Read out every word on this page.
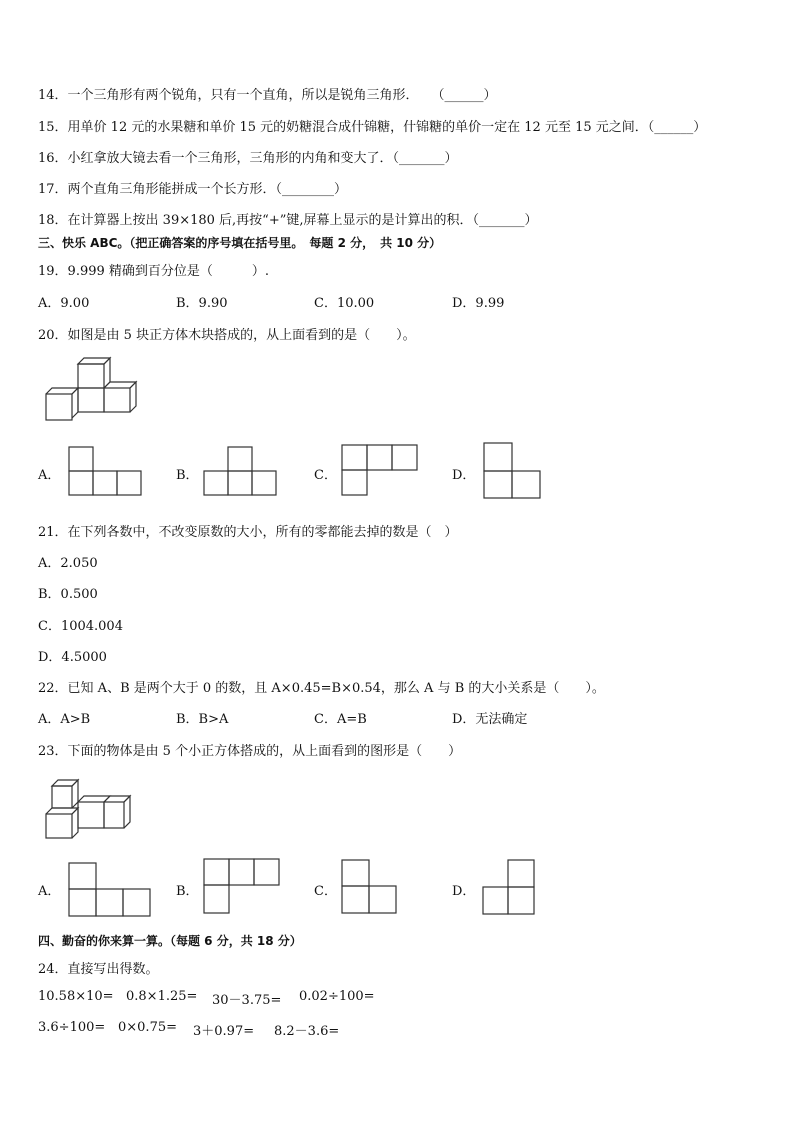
14．一个三角形有两个锐角，只有一个直角，所以是锐角三角形．　　（______）
15．用单价 12 元的水果糖和单价 15 元的奶糖混合成什锦糖，什锦糖的单价一定在 12 元至 15 元之间．（______）
16．小红拿放大镜去看一个三角形，三角形的内角和变大了．（_______）
17．两个直角三角形能拼成一个长方形．（________）
18．在计算器上按出 39×180 后,再按“+”键,屏幕上显示的是计算出的积．（_______）
三、快乐 ABC。（把正确答案的序号填在括号里。　每题 2 分，　共 10 分）
19．9.999 精确到百分位是（　　　）.
A．9.00	B．9.90	C．10.00	D．9.99
20．如图是由 5 块正方体木块搭成的，从上面看到的是（　　）。
A．	B．	C．	D．
21．在下列各数中，不改变原数的大小，所有的零都能去掉的数是（　）
A．2.050
B．0.500
C．1004.004
D．4.5000
22．已知 A、B 是两个大于 0 的数，且 A×0.45=B×0.54，那么 A 与 B 的大小关系是（　　）。
A．A>B	B．B>A	C．A=B	D．无法确定
23．下面的物体是由 5 个小正方体搭成的，从上面看到的图形是（　　）
A．	B．	C．	D．
四、勤奋的你来算一算。（每题 6 分，共 18 分）
24．直接写出得数。
10.58×10= 0.8×1.25= 30－3.75= 0.02÷100=
3.6÷100= 0×0.75= 3＋0.97= 8.2－3.6=
